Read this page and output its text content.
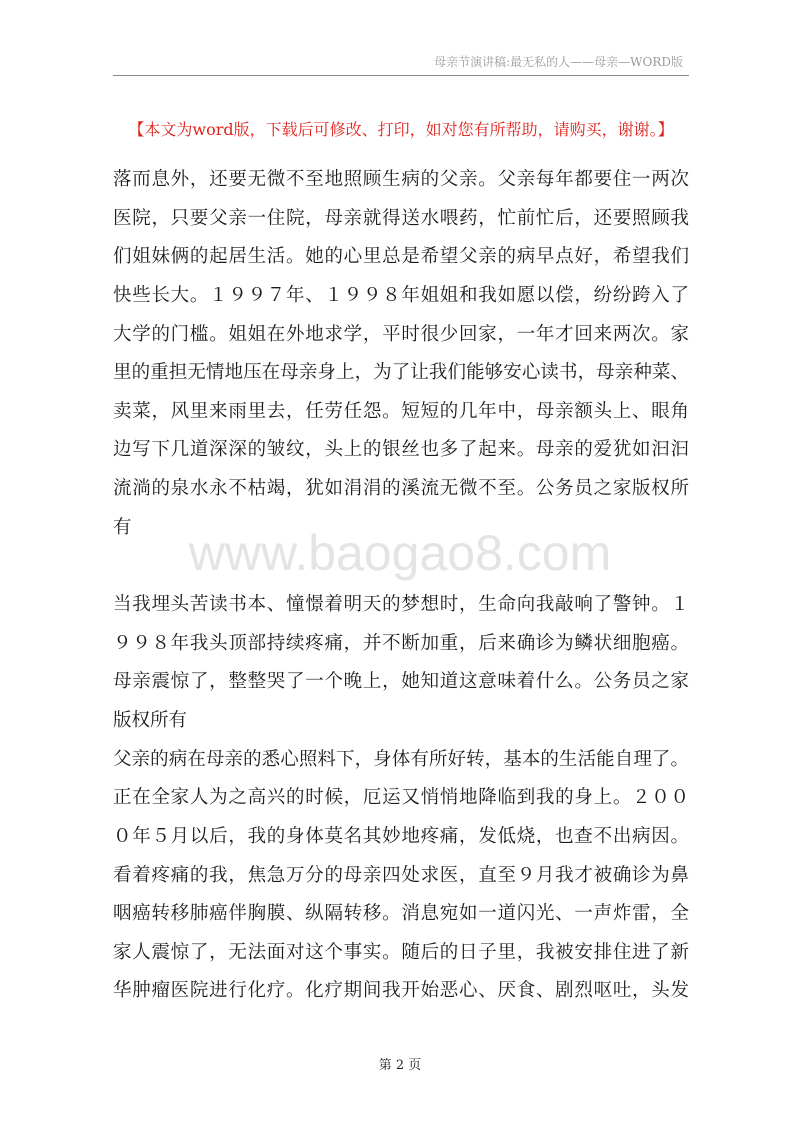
母亲节演讲稿:最无私的人——母亲—WORD版
【本文为word版，下载后可修改、打印，如对您有所帮助，请购买，谢谢。】
www.baogao8.com
落而息外，还要无微不至地照顾生病的父亲。父亲每年都要住一两次
医院，只要父亲一住院，母亲就得送水喂药，忙前忙后，还要照顾我
们姐妹俩的起居生活。她的心里总是希望父亲的病早点好，希望我们
快些长大。１９９７年、１９９８年姐姐和我如愿以偿，纷纷跨入了
大学的门槛。姐姐在外地求学，平时很少回家，一年才回来两次。家
里的重担无情地压在母亲身上，为了让我们能够安心读书，母亲种菜、
卖菜，风里来雨里去，任劳任怨。短短的几年中，母亲额头上、眼角
边写下几道深深的皱纹，头上的银丝也多了起来。母亲的爱犹如汩汩
流淌的泉水永不枯竭，犹如涓涓的溪流无微不至。公务员之家版权所
有
当我埋头苦读书本、憧憬着明天的梦想时，生命向我敲响了警钟。１
９９８年我头顶部持续疼痛，并不断加重，后来确诊为鳞状细胞癌。
母亲震惊了，整整哭了一个晚上，她知道这意味着什么。公务员之家
版权所有
父亲的病在母亲的悉心照料下，身体有所好转，基本的生活能自理了。
正在全家人为之高兴的时候，厄运又悄悄地降临到我的身上。２００
０年５月以后，我的身体莫名其妙地疼痛，发低烧，也查不出病因。
看着疼痛的我，焦急万分的母亲四处求医，直至９月我才被确诊为鼻
咽癌转移肺癌伴胸膜、纵隔转移。消息宛如一道闪光、一声炸雷，全
家人震惊了，无法面对这个事实。随后的日子里，我被安排住进了新
华肿瘤医院进行化疗。化疗期间我开始恶心、厌食、剧烈呕吐，头发
第 2 页
